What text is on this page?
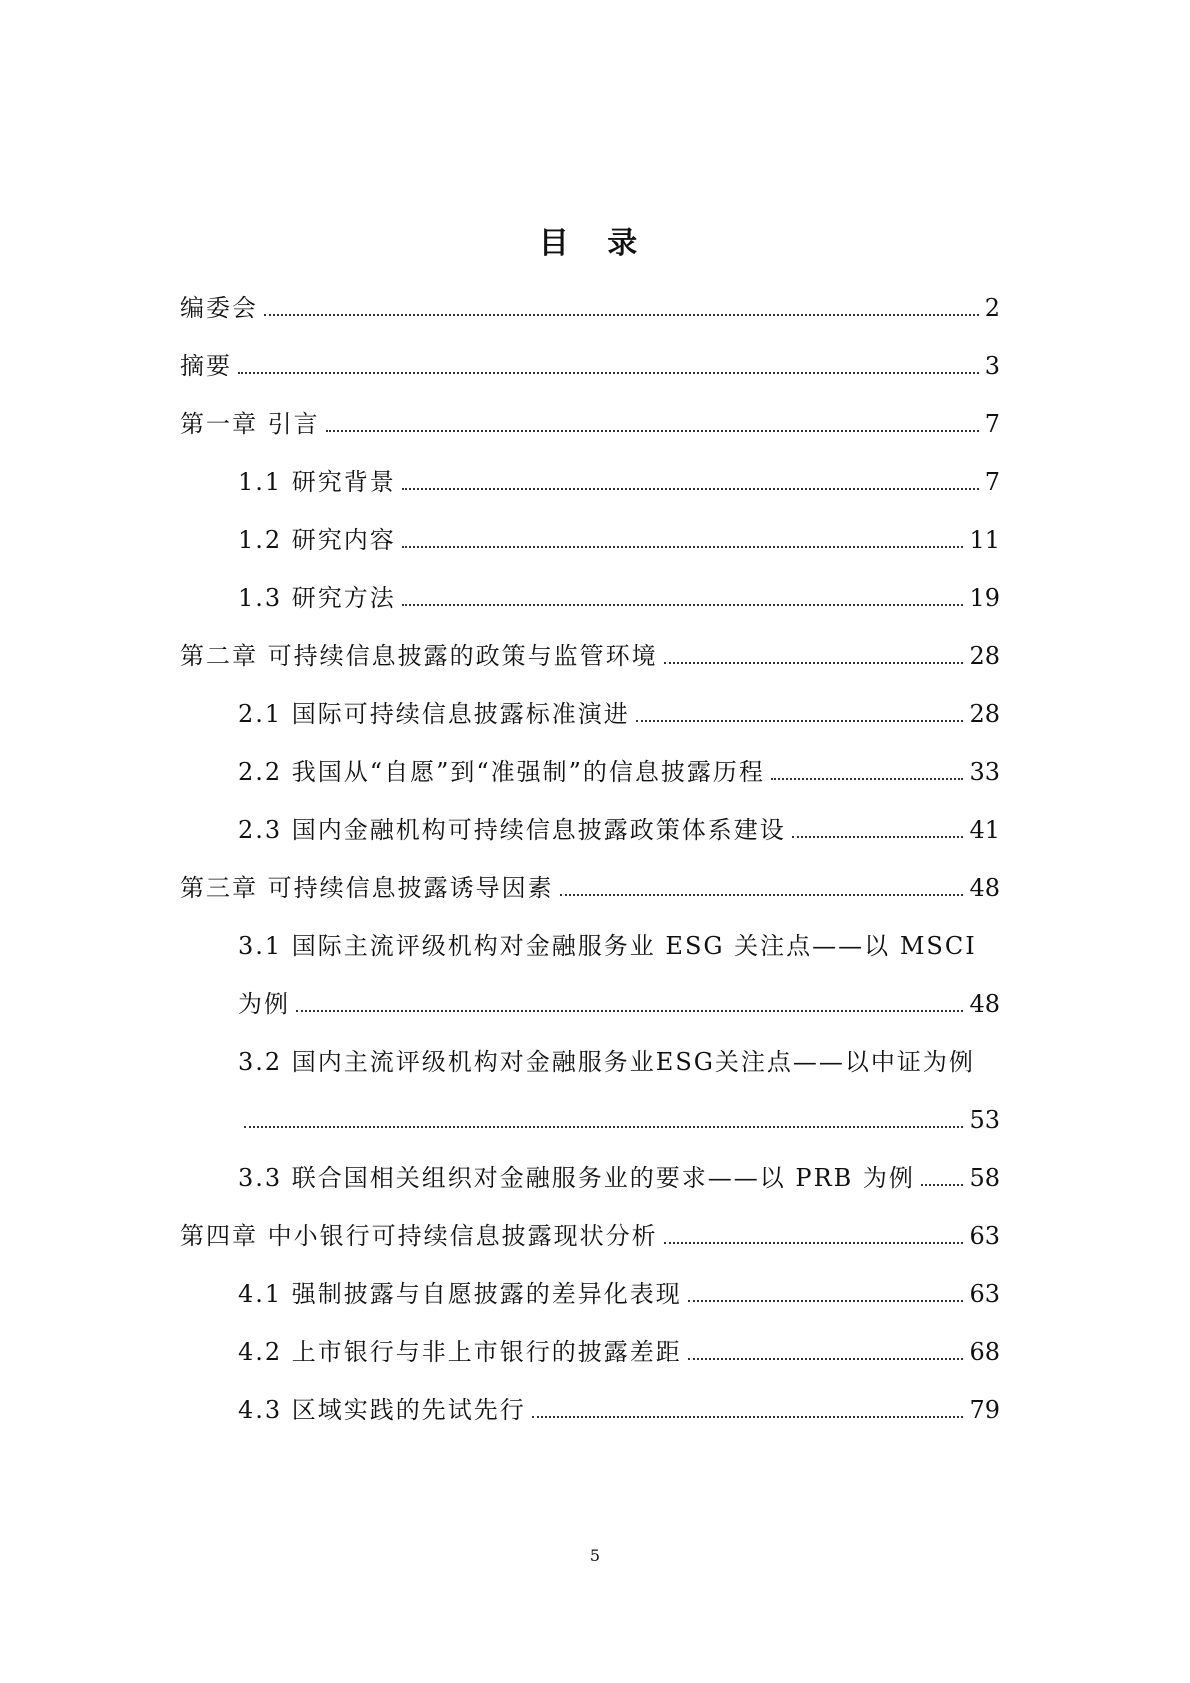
目 录
编委会	2
摘要	3
第一章 引言	7
1.1 研究背景	7
1.2 研究内容	11
1.3 研究方法	19
第二章 可持续信息披露的政策与监管环境	28
2.1 国际可持续信息披露标准演进	28
2.2 我国从“自愿”到“准强制”的信息披露历程	33
2.3 国内金融机构可持续信息披露政策体系建设	41
第三章 可持续信息披露诱导因素	48
3.1 国际主流评级机构对金融服务业 ESG 关注点——以 MSCI
为例	48
3.2 国内主流评级机构对金融服务业ESG关注点——以中证为例
53
3.3 联合国相关组织对金融服务业的要求——以 PRB 为例 58
第四章 中小银行可持续信息披露现状分析	63
4.1 强制披露与自愿披露的差异化表现	63
4.2 上市银行与非上市银行的披露差距	68
4.3 区域实践的先试先行	79
5
